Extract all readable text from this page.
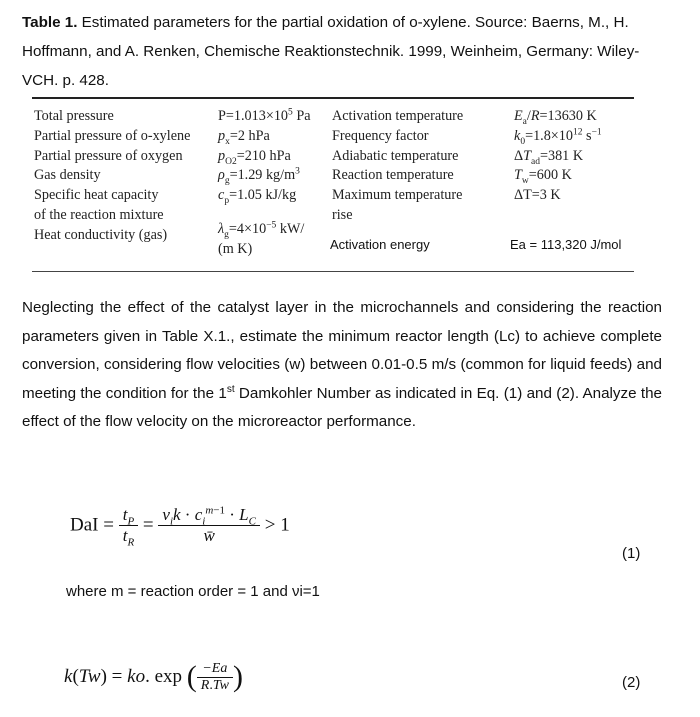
Table 1. Estimated parameters for the partial oxidation of o-xylene. Source: Baerns, M., H. Hoffmann, and A. Renken, Chemische Reaktionstechnik. 1999, Weinheim, Germany: Wiley-VCH. p. 428.
Total pressure
Partial pressure of o-xylene
Partial pressure of oxygen
Gas density
Specific heat capacity
of the reaction mixture
Heat conductivity (gas)
$P=1.013\times 10^5$ Pa
$p_x=2$ hPa
$p_{O2}=210$ hPa
$\rho_g=1.29$ $kg/m^3$
$c_p=1.05$ kJ/kg
$\lambda_g=4\times 10^{-5}$ kW/
(m K)
Activation temperature
Frequency factor
Adiabatic temperature
Reaction temperature
Maximum temperature
rise
Activation energy
$E_a/R=13630$ K
$k_0=1.8\times 10^{12}$ $s^{-1}$
$\Delta T_{ad}=381$ K
$T_w=600$ K
ΔT=3 K
Ea = 113,320 J/mol
Neglecting the effect of the catalyst layer in the microchannels and considering the reaction parameters given in Table X.1., estimate the minimum reactor length (Lc) to achieve complete conversion, considering flow velocities (w) between 0.01-0.5 m/s (common for liquid feeds) and meeting the condition for the 1st Damkohler Number as indicated in Eq. (1) and (2). Analyze the effect of the flow velocity on the microreactor performance.
DaI = $\frac{t_P}{t_R} = \frac{\nu_ik \cdot c_i^{m-1} \cdot L_C}{w̄} > 1$
(1)
where m = reaction order = 1 and νi=1
k(Tw) = ko. exp ( $\frac{-Ea}{R.Tw}$ )	(2)
